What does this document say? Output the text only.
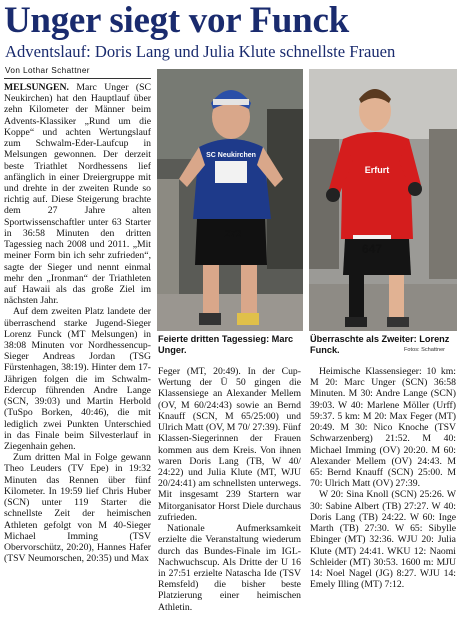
Unger siegt vor Funck
Adventslauf: Doris Lang und Julia Klute schnellste Frauen
Von Lothar Schattner

MELSUNGEN. Marc Unger (SC Neukirchen) hat den Hauptlauf über zehn Kilometer der Männer beim Advents-Klassiker „Rund um die Koppe“ und achten Wertungslauf zum Schwalm-Eder-Laufcup in Melsungen gewonnen. Der derzeit beste Triathlet Nordhessens lief anfänglich in einer Dreiergruppe mit und drehte in der zweiten Runde so richtig auf. Diese Steigerung brachte dem 27 Jahre alten Sportwissenschaftler unter 63 Starter in 36:58 Minuten den dritten Tagessieg nach 2008 und 2011. „Mit meiner Form bin ich sehr zufrieden“, sagte der Sieger und nennt einmal mehr den „Ironman“ der Triathleten auf Hawaii als das große Ziel im nächsten Jahr.

Auf dem zweiten Platz landete der überraschend starke Jugend-Sieger Lorenz Funck (MT Melsungen) in 38:08 Minuten vor Nordhessencup-Sieger Andreas Jordan (TSG Fürstenhagen, 38:19). Hinter dem 17-Jährigen folgen die im Schwalm-Edercup führenden Andre Lange (SCN, 39:03) und Martin Herbold (TuSpo Borken, 40:46), die mit lediglich zwei Punkten Unterschied in das Finale beim Silvesterlauf in Ziegenhain gehen.

Zum dritten Mal in Folge gewann Theo Leuders (TV Epe) in 19:32 Minuten das Rennen über fünf Kilometer. In 19:59 lief Chris Huber (SCN) unter 119 Starter die schnellste Zeit der heimischen Athleten gefolgt von M 40-Sieger Michael Imming (TSV Obervorschütz, 20:20), Hannes Hafer (TSV Neumorschen, 20:35) und Max

SC Neukirchen
272
Erfurt
647
Feierte dritten Tagessieg: Marc Unger.
Überraschte als Zweiter: Lorenz Funck.	Fotos: Schattner

Feger (MT, 20:49). In der Cup-Wertung der Ü 50 gingen die Klassensiege an Alexander Mellem (OV, M 60/24:43) sowie an Bernd Knauff (SCN, M 65/25:00) und Ulrich Matt (OV, M 70/ 27:39). Fünf Klassen-Siegerinnen der Frauen kommen aus dem Kreis. Von ihnen waren Doris Lang (TB, W 40/ 24:22) und Julia Klute (MT, WJU 20/24:41) am schnellsten unterwegs. Mit insgesamt 239 Startern war Mitorganisator Horst Diele durchaus zufrieden.

Nationale Aufmerksamkeit erzielte die Veranstaltung wiederum durch das Bundes-Finale im IGL-Nachwuchscup. Als Dritte der U 16 in 27:51 erzielte Natascha Ide (TSV Remsfeld) die bisher beste Platzierung einer heimischen Athletin.

Heimische Klassensieger: 10 km: M 20: Marc Unger (SCN) 36:58 Minuten. M 30: Andre Lange (SCN) 39:03. W 40: Marlene Möller (Urff) 59:37. 5 km: M 20: Max Feger (MT) 20:49. M 30: Nico Knoche (TSV Schwarzenberg) 21:52. M 40: Michael Imming (OV) 20:20. M 60: Alexander Mellem (OV) 24:43. M 65: Bernd Knauff (SCN) 25:00. M 70: Ulrich Matt (OV) 27:39.

W 20: Sina Knoll (SCN) 25:26. W 30: Sabine Albert (TB) 27:27. W 40: Doris Lang (TB) 24:22. W 60: Inge Marth (TB) 27:30. W 65: Sibylle Ebinger (MT) 32:36. WJU 20: Julia Klute (MT) 24:41. WKU 12: Naomi Schleider (MT) 30:53. 1600 m: MJU 14: Noel Nagel (JG) 8:27. WJU 14: Emely Illing (MT) 7:12.
